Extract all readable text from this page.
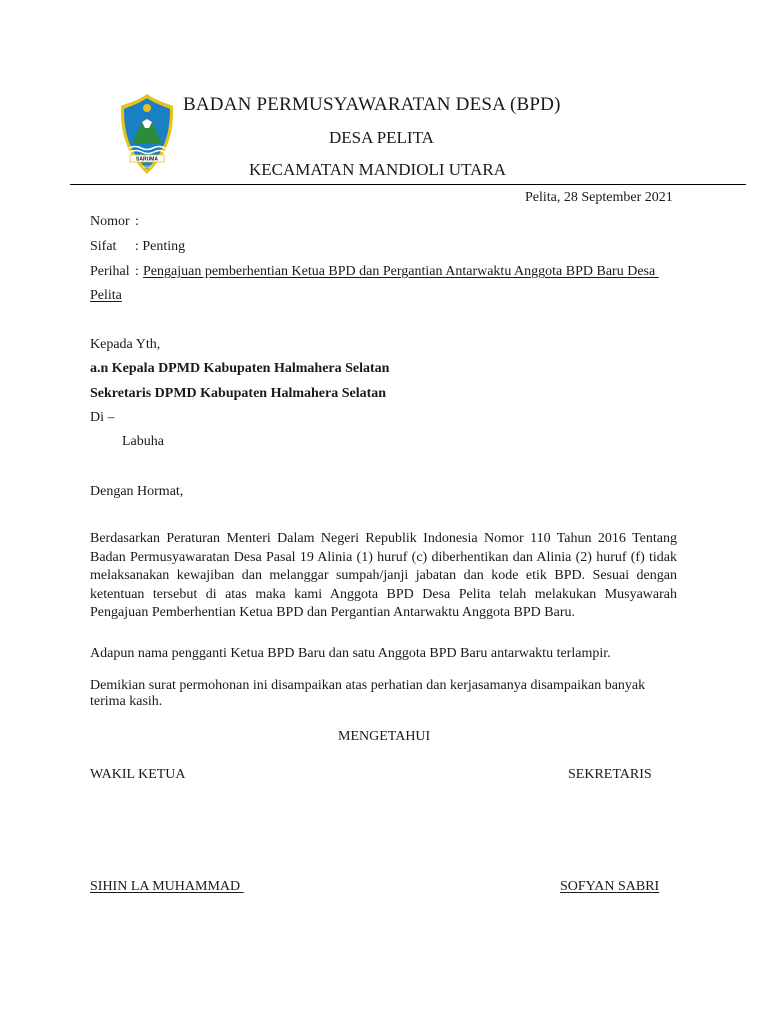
SARUMA
2003
BADAN PERMUSYAWARATAN DESA (BPD)
DESA PELITA
KECAMATAN MANDIOLI UTARA
Pelita, 28 September 2021
Nomor :
Sifat : Penting
Perihal : Pengajuan pemberhentian Ketua BPD dan Pergantian Antarwaktu Anggota BPD Baru Desa
Pelita
Kepada Yth,
a.n Kepala DPMD Kabupaten Halmahera Selatan
Sekretaris DPMD Kabupaten Halmahera Selatan
Di –
Labuha
Dengan Hormat,
Berdasarkan Peraturan Menteri Dalam Negeri Republik Indonesia Nomor 110 Tahun 2016 Tentang Badan Permusyawaratan Desa Pasal 19 Alinia (1) huruf (c) diberhentikan dan Alinia (2) huruf (f) tidak melaksanakan kewajiban dan melanggar sumpah/janji jabatan dan kode etik BPD. Sesuai dengan ketentuan tersebut di atas maka kami Anggota BPD Desa Pelita telah melakukan Musyawarah Pengajuan Pemberhentian Ketua BPD dan Pergantian Antarwaktu Anggota BPD Baru.
Adapun nama pengganti Ketua BPD Baru dan satu Anggota BPD Baru antarwaktu terlampir.
Demikian surat permohonan ini disampaikan atas perhatian dan kerjasamanya disampaikan banyak terima kasih.
MENGETAHUI
WAKIL KETUA	SEKRETARIS
SIHIN LA MUHAMMAD	SOFYAN SABRI
